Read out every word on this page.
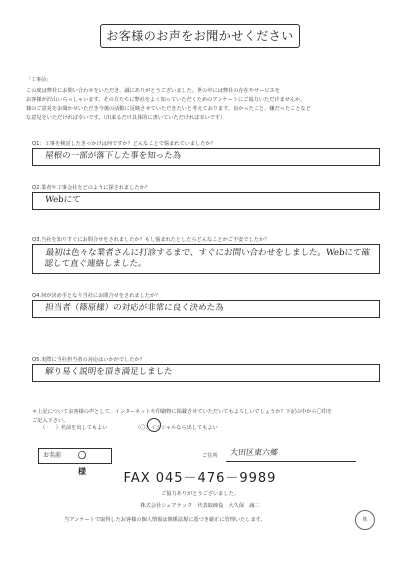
お客様のお声をお聞かせください
「工事前」

この度は弊社にお問い合わせをいただき、誠にありがとうございました。世の中には弊社の存在やサービスを

お客様が沢山いらっしゃいます。その方たちに弊社をよく知っていただくためのアンケートにご協力いただけませんか。

様のご意見をお聞かせいただき今後の活動に反映させていただきたいと考えております。良かったこと、嫌だったことなど

な意見をいただければ幸いです。（出来るだけ具体的に書いていただければ幸いです）

Q1：工事を検討したきっかけは何ですか？どんなことで悩まれていましたか？
屋根の一部が落下した事を知った為
Q2.業者や工事会社をどのように探されましたか？
Webにて
Q3.当社を知りすぐにお問合せをされましたか？もし悩まれたとしたらどんなことがご不安でしたか？
最初は色々な業者さんに打診するまで、すぐにお問い合わせをしました。Webにて確認して直ぐ連絡しました。
Q4.何が決め手となり当社にお問合せをされましたか？
担当者（篠原様）の対応が非常に良く決めた為
Q5.実際に当社担当者の対応はいかがでしたか？
解り易く説明を頂き満足しました
＊上記についてお客様の声として、インターネットや印刷物に掲載させていただいてもよろしいでしょうか？下記の中から〇印を
ご記入下さい。
（　　）名前を出してもよい	（〇）イニシャルなら出してもよい
お名前	〇 様
ご住所 大田区東六郷
FAX 045－476－9989
ご協力ありがとうございました。
株式会社シェアテック　代表取締役　大久保　誠二
当アンケートで取得したお客様の個人情報は関係法規に基づき厳正に管理いたします。	株
